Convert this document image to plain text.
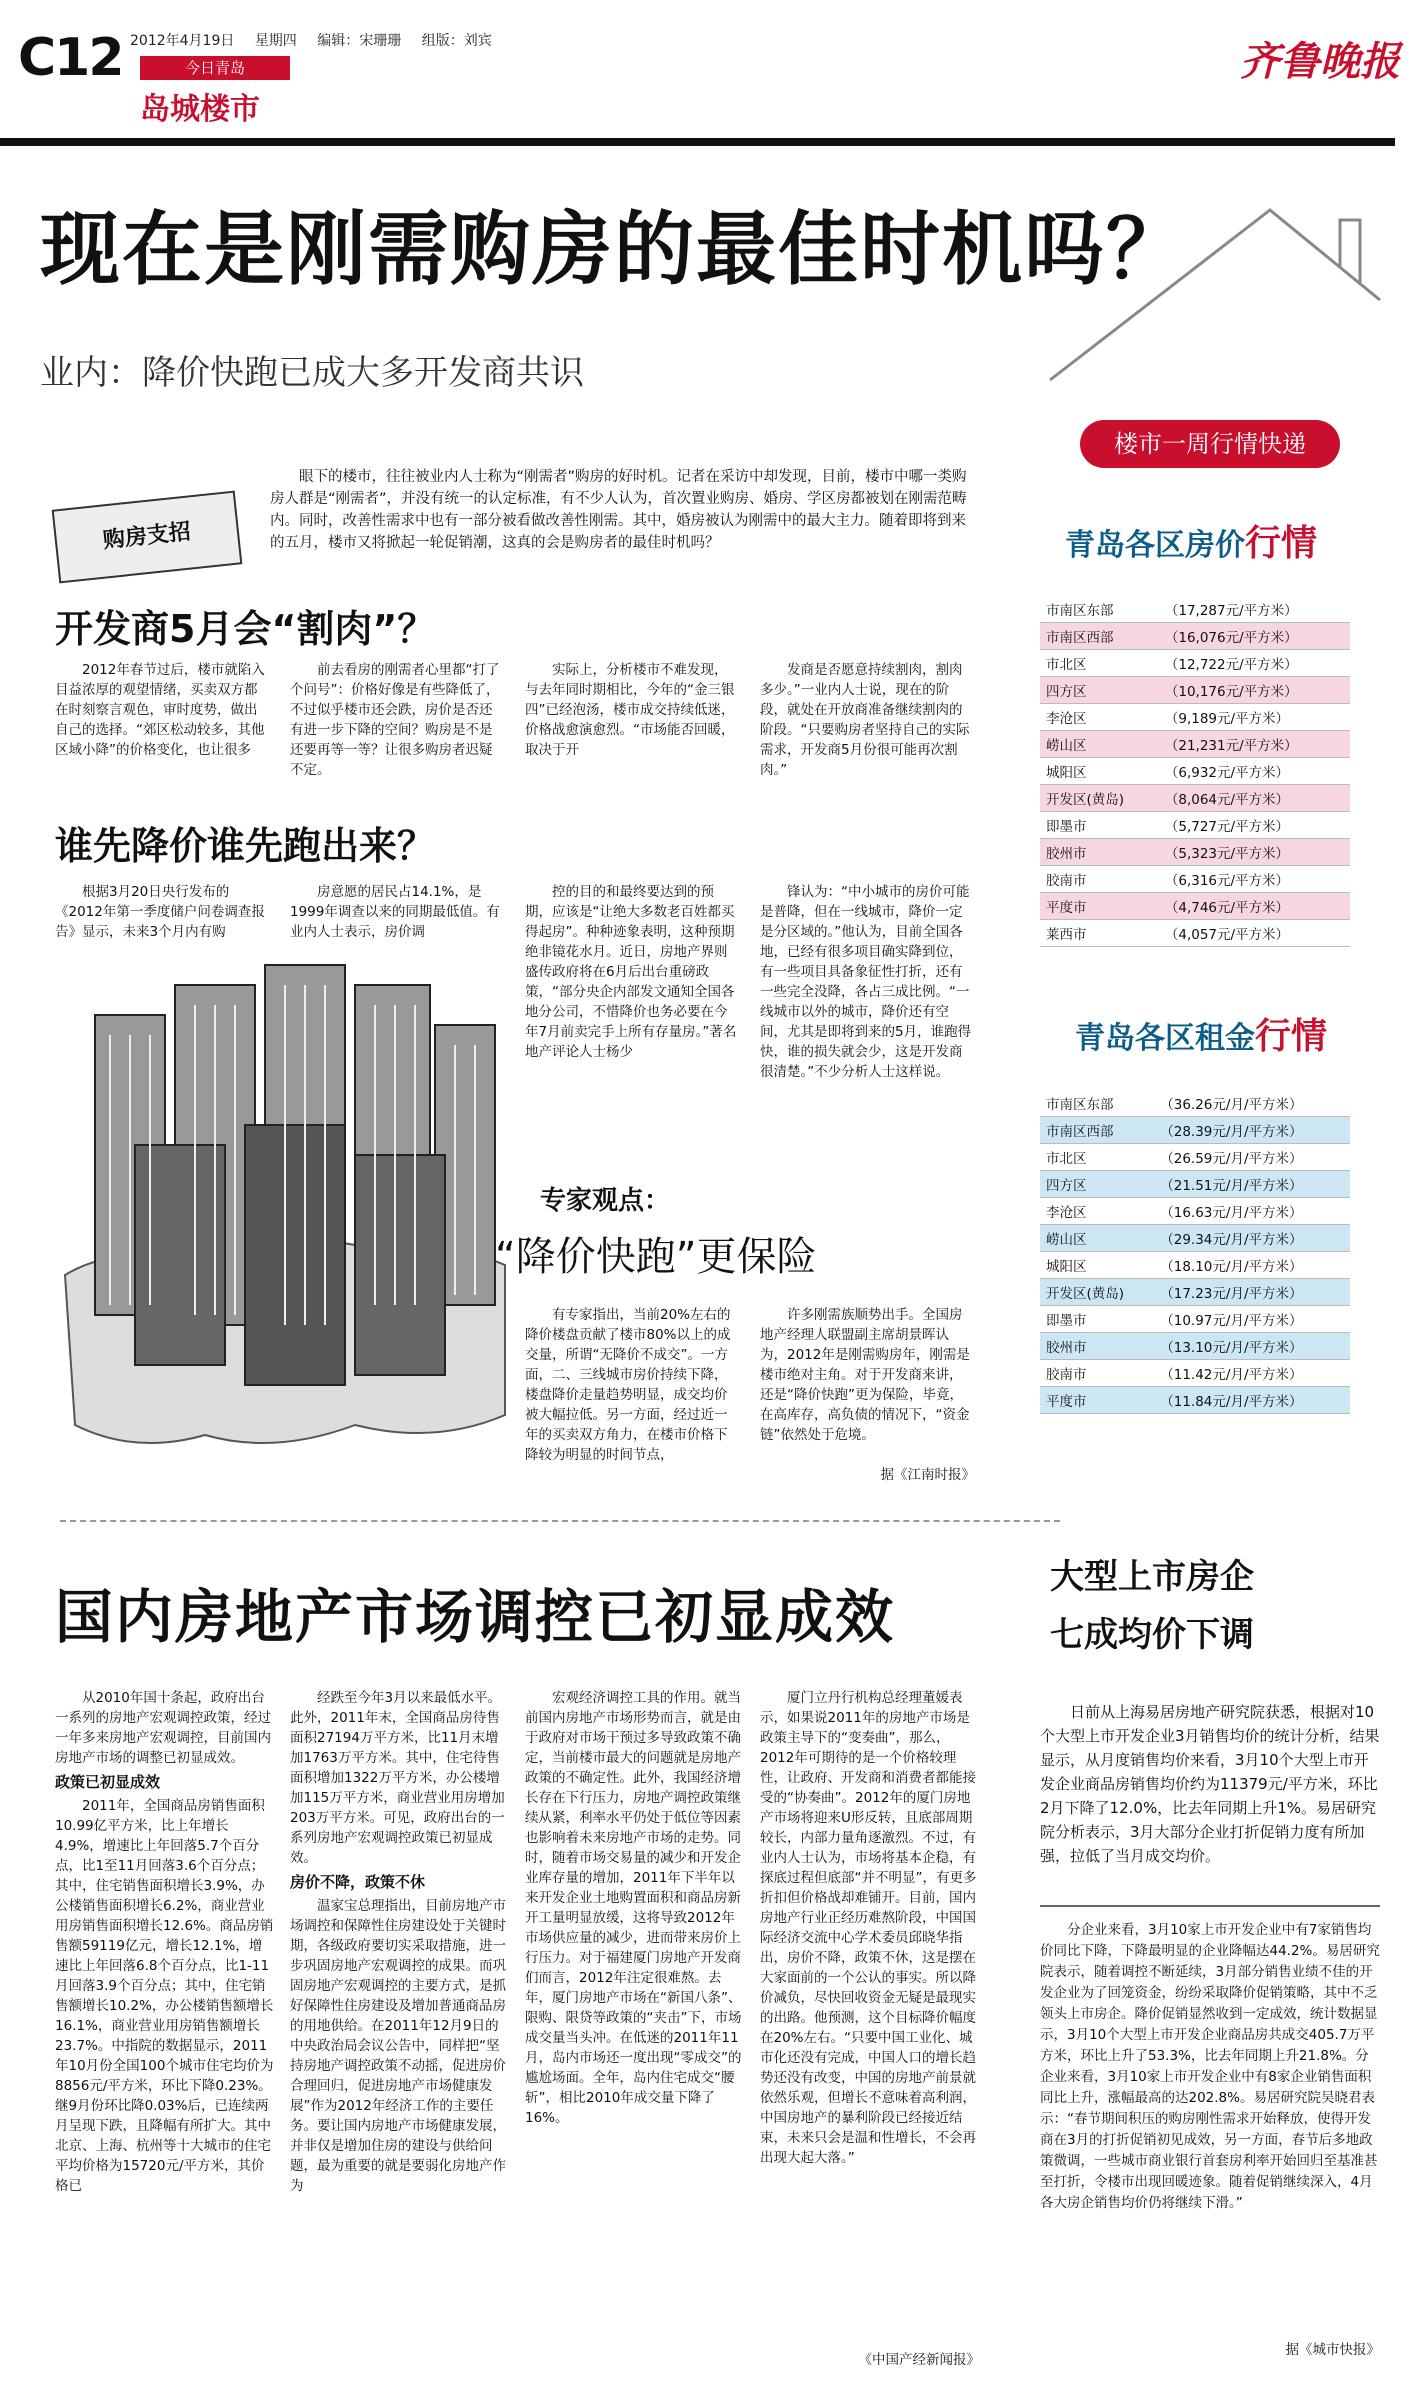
C12 2012年4月19日 星期四 编辑：宋珊珊 组版：刘宾
今日青岛
岛城楼市
齐鲁晚报
现在是刚需购房的最佳时机吗？
业内：降价快跑已成大多开发商共识
楼市一周行情快递
购房支招
眼下的楼市，往往被业内人士称为“刚需者”购房的好时机。记者在采访中却发现，目前，楼市中哪一类购房人群是“刚需者”，并没有统一的认定标准，有不少人认为，首次置业购房、婚房、学区房都被划在刚需范畴内。同时，改善性需求中也有一部分被看做改善性刚需。其中，婚房被认为刚需中的最大主力。随着即将到来的五月，楼市又将掀起一轮促销潮，这真的会是购房者的最佳时机吗？
开发商5月会“割肉”？
2012年春节过后，楼市就陷入目益浓厚的观望情绪，买卖双方都在时刻察言观色，审时度势，做出自己的选择。“郊区松动较多，其他区域小降”的价格变化，也让很多
前去看房的刚需者心里都“打了个问号”：价格好像是有些降低了，不过似乎楼市还会跌，房价是否还有进一步下降的空间？购房是不是还要再等一等？让很多购房者迟疑不定。
实际上，分析楼市不难发现，与去年同时期相比，今年的“金三银四”已经泡汤，楼市成交持续低迷，价格战愈演愈烈。“市场能否回暖，取决于开
发商是否愿意持续割肉，割肉多少。”一业内人士说，现在的阶段，就处在开放商准备继续割肉的阶段。“只要购房者坚持自己的实际需求，开发商5月份很可能再次割肉。”
谁先降价谁先跑出来？
根据3月20日央行发布的《2012年第一季度储户问卷调查报告》显示，未来3个月内有购
房意愿的居民占14.1%，是1999年调查以来的同期最低值。有业内人士表示，房价调
控的目的和最终要达到的预期，应该是“让绝大多数老百姓都买得起房”。种种迹象表明，这种预期绝非镜花水月。近日，房地产界则盛传政府将在6月后出台重磅政策，“部分央企内部发文通知全国各地分公司，不惜降价也务必要在今年7月前卖完手上所有存量房。”著名地产评论人士杨少
锋认为：“中小城市的房价可能是普降，但在一线城市，降价一定是分区域的。”他认为，目前全国各地，已经有很多项目确实降到位，有一些项目具备象征性打折，还有一些完全没降，各占三成比例。“一线城市以外的城市，降价还有空间，尤其是即将到来的5月，谁跑得快，谁的损失就会少，这是开发商很清楚。”不少分析人士这样说。
专家观点：
“降价快跑”更保险
有专家指出，当前20%左右的降价楼盘贡献了楼市80%以上的成交量，所谓“无降价不成交”。一方面，二、三线城市房价持续下降，楼盘降价走量趋势明显，成交均价被大幅拉低。另一方面，经过近一年的买卖双方角力，在楼市价格下降较为明显的时间节点，
许多刚需族顺势出手。全国房地产经理人联盟副主席胡景晖认为，2012年是刚需购房年，刚需是楼市绝对主角。对于开发商来讲，还是“降价快跑”更为保险，毕竟，在高库存，高负债的情况下，“资金链”依然处于危境。
据《江南时报》
青岛各区房价行情
市南区东部	（17,287元/平方米）
市南区西部	（16,076元/平方米）
市北区	（12,722元/平方米）
四方区	（10,176元/平方米）
李沧区	（9,189元/平方米）
崂山区	（21,231元/平方米）
城阳区	（6,932元/平方米）
开发区(黄岛)	（8,064元/平方米）
即墨市	（5,727元/平方米）
胶州市	（5,323元/平方米）
胶南市	（6,316元/平方米）
平度市	（4,746元/平方米）
莱西市	（4,057元/平方米）
青岛各区租金行情
市南区东部	（36.26元/月/平方米）
市南区西部	（28.39元/月/平方米）
市北区	（26.59元/月/平方米）
四方区	（21.51元/月/平方米）
李沧区	（16.63元/月/平方米）
崂山区	（29.34元/月/平方米）
城阳区	（18.10元/月/平方米）
开发区(黄岛)	（17.23元/月/平方米）
即墨市	（10.97元/月/平方米）
胶州市	（13.10元/月/平方米）
胶南市	（11.42元/月/平方米）
平度市	（11.84元/月/平方米）
国内房地产市场调控已初显成效

从2010年国十条起，政府出台一系列的房地产宏观调控政策，经过一年多来房地产宏观调控，目前国内房地产市场的调整已初显成效。

政策已初显成效

2011年，全国商品房销售面积10.99亿平方米，比上年增长4.9%，增速比上年回落5.7个百分点，比1至11月回落3.6个百分点；其中，住宅销售面积增长3.9%，办公楼销售面积增长6.2%，商业营业用房销售面积增长12.6%。商品房销售额59119亿元，增长12.1%，增速比上年回落6.8个百分点，比1-11月回落3.9个百分点；其中，住宅销售额增长10.2%，办公楼销售额增长16.1%，商业营业用房销售额增长23.7%。中指院的数据显示，2011年10月份全国100个城市住宅均价为8856元/平方米，环比下降0.23%。继9月份环比降0.03%后，已连续两月呈现下跌，且降幅有所扩大。其中北京、上海、杭州等十大城市的住宅平均价格为15720元/平方米，其价格已

经跌至今年3月以来最低水平。此外，2011年末，全国商品房待售面积27194万平方米，比11月末增加1763万平方米。其中，住宅待售面积增加1322万平方米，办公楼增加115万平方米，商业营业用房增加203万平方米。可见，政府出台的一系列房地产宏观调控政策已初显成效。

房价不降，政策不休

温家宝总理指出，目前房地产市场调控和保障性住房建设处于关键时期，各级政府要切实采取措施，进一步巩固房地产宏观调控的成果。而巩固房地产宏观调控的主要方式，是抓好保障性住房建设及增加普通商品房的用地供给。在2011年12月9日的中央政治局会议公告中，同样把“坚持房地产调控政策不动摇，促进房价合理回归，促进房地产市场健康发展”作为2012年经济工作的主要任务。要让国内房地产市场健康发展，并非仅是增加住房的建设与供给问题，最为重要的就是要弱化房地产作为

宏观经济调控工具的作用。就当前国内房地产市场形势而言，就是由于政府对市场干预过多导致政策不确定，当前楼市最大的问题就是房地产政策的不确定性。此外，我国经济增长存在下行压力，房地产调控政策继续从紧，利率水平仍处于低位等因素也影响着未来房地产市场的走势。同时，随着市场交易量的减少和开发企业库存量的增加，2011年下半年以来开发企业土地购置面积和商品房新开工量明显放缓，这将导致2012年市场供应量的减少，进而带来房价上行压力。对于福建厦门房地产开发商们而言，2012年注定很难熬。去年，厦门房地产市场在“新国八条”、限购、限贷等政策的“夹击”下，市场成交量当头冲。在低迷的2011年11月，岛内市场还一度出现“零成交”的尴尬场面。全年，岛内住宅成交“腰斩”，相比2010年成交量下降了16%。
厦门立丹行机构总经理董媛表示，如果说2011年的房地产市场是政策主导下的“变奏曲”，那么，2012年可期待的是一个价格较理性，让政府、开发商和消费者都能接受的“协奏曲”。2012年的厦门房地产市场将迎来U形反转，且底部周期较长，内部力量角逐激烈。不过，有业内人士认为，市场将基本企稳，有探底过程但底部“并不明显”，有更多折扣但价格战却难铺开。目前，国内房地产行业正经历难熬阶段，中国国际经济交流中心学术委员邱晓华指出，房价不降，政策不休，这是摆在大家面前的一个公认的事实。所以降价减负，尽快回收资金无疑是最现实的出路。他预测，这个目标降价幅度在20%左右。“只要中国工业化、城市化还没有完成，中国人口的增长趋势还没有改变，中国的房地产前景就依然乐观，但增长不意味着高利润，中国房地产的暴利阶段已经接近结束，未来只会是温和性增长，不会再出现大起大落。”
《中国产经新闻报》
大型上市房企
七成均价下调
日前从上海易居房地产研究院获悉，根据对10个大型上市开发企业3月销售均价的统计分析，结果显示，从月度销售均价来看，3月10个大型上市开发企业商品房销售均价约为11379元/平方米，环比2月下降了12.0%，比去年同期上升1%。易居研究院分析表示，3月大部分企业打折促销力度有所加强，拉低了当月成交均价。
分企业来看，3月10家上市开发企业中有7家销售均价同比下降，下降最明显的企业降幅达44.2%。易居研究院表示，随着调控不断延续，3月部分销售业绩不佳的开发企业为了回笼资金，纷纷采取降价促销策略，其中不乏领头上市房企。降价促销显然收到一定成效，统计数据显示，3月10个大型上市开发企业商品房共成交405.7万平方米，环比上升了53.3%，比去年同期上升21.8%。分企业来看，3月10家上市开发企业中有8家企业销售面积同比上升，涨幅最高的达202.8%。易居研究院吴晓君表示：“春节期间积压的购房刚性需求开始释放，使得开发商在3月的打折促销初见成效，另一方面，春节后多地政策微调，一些城市商业银行首套房利率开始回归至基准甚至打折，令楼市出现回暖迹象。随着促销继续深入，4月各大房企销售均价仍将继续下滑。”
据《城市快报》
